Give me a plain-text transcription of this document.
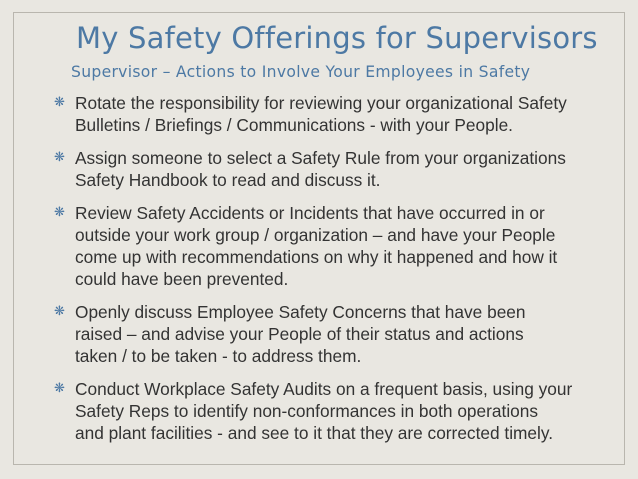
My Safety Offerings for Supervisors
Supervisor – Actions to Involve Your Employees in Safety
❋ Rotate the responsibility for reviewing your organizational Safety
Bulletins / Briefings / Communications - with your People.
❋ Assign someone to select a Safety Rule from your organizations
Safety Handbook to read and discuss it.
❋ Review Safety Accidents or Incidents that have occurred in or
outside your work group / organization – and have your People
come up with recommendations on why it happened and how it
could have been prevented.
❋ Openly discuss Employee Safety Concerns that have been
raised – and advise your People of their status and actions
taken / to be taken - to address them.
❋ Conduct Workplace Safety Audits on a frequent basis, using your
Safety Reps to identify non-conformances in both operations
and plant facilities - and see to it that they are corrected timely.
